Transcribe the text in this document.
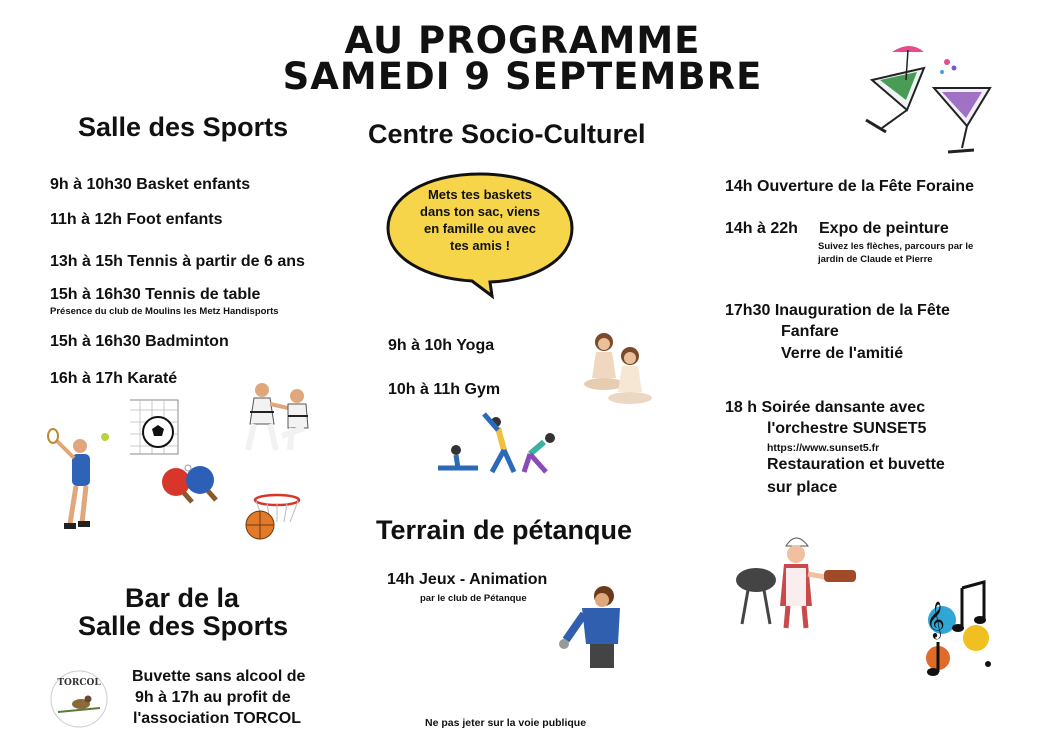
AU PROGRAMME
SAMEDI 9 SEPTEMBRE
Salle des Sports
9h à 10h30 Basket enfants
11h à 12h Foot enfants
13h à 15h Tennis à partir de 6 ans
15h à 16h30 Tennis de table
Présence du club de Moulins les Metz Handisports
15h à 16h30 Badminton
16h à 17h Karaté
Bar de la
Salle des Sports
TORCOL Buvette sans alcool de
9h à 17h au profit de
l'association TORCOL
Centre Socio-Culturel
Mets tes baskets
dans ton sac, viens
en famille ou avec
tes amis !
9h à 10h Yoga
10h à 11h Gym
Terrain de pétanque
14h Jeux - Animation
par le club de Pétanque
Ne pas jeter sur la voie publique
14h Ouverture de la Fête Foraine
14h à 22h Expo de peinture
Suivez les flèches, parcours par le
jardin de Claude et Pierre
17h30 Inauguration de la Fête
Fanfare
Verre de l'amitié
18 h Soirée dansante avec
l'orchestre SUNSET5
https://www.sunset5.fr
Restauration et buvette
sur place
𝄞
